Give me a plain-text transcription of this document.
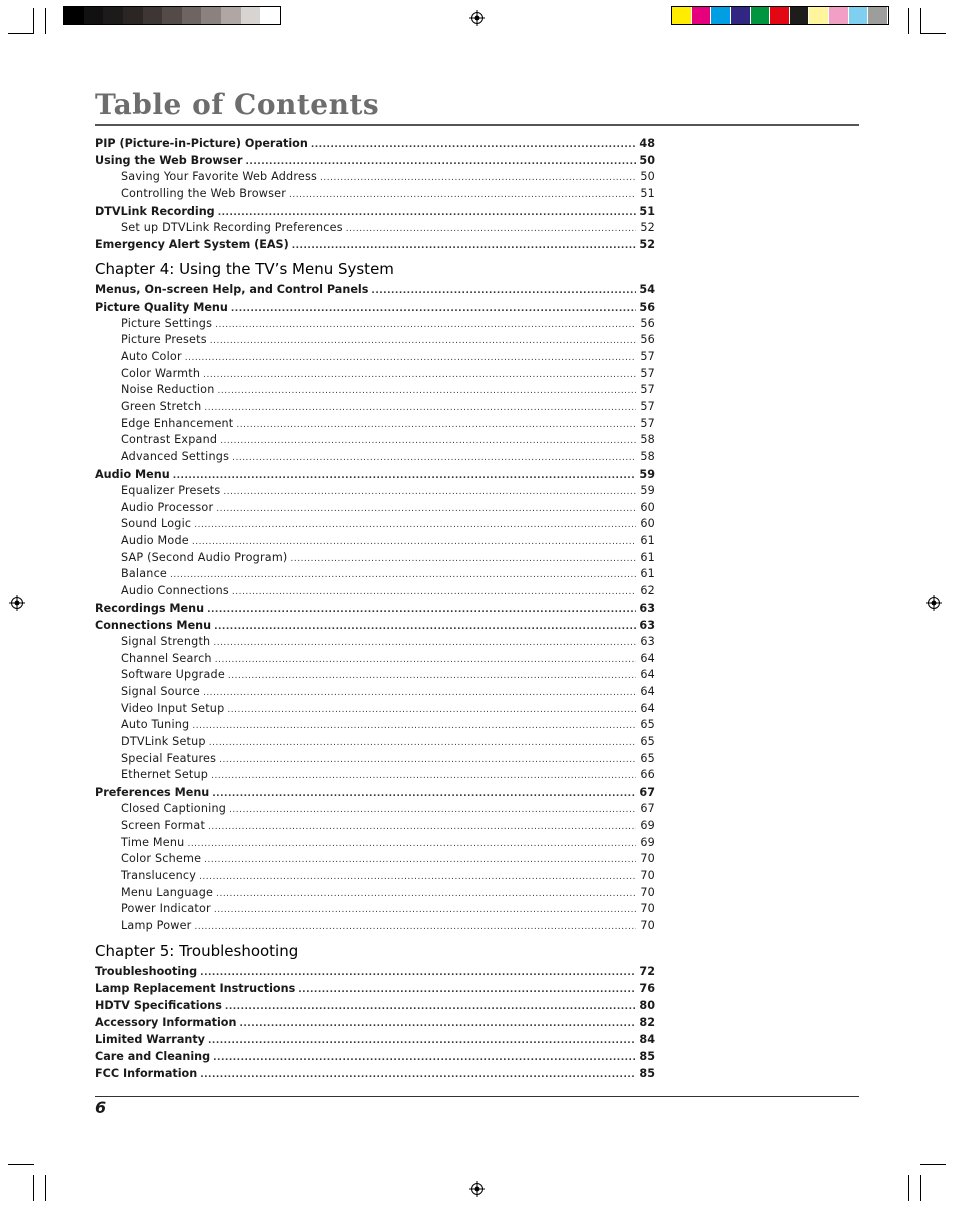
Table of Contents
PIP (Picture-in-Picture) Operation .....	48
Using the Web Browser .....	50
Saving Your Favorite Web Address .....	50
Controlling the Web Browser .....	51
DTVLink Recording .....	51
Set up DTVLink Recording Preferences .....	52
Emergency Alert System (EAS) .....	52
Chapter 4: Using the TV’s Menu System
Menus, On-screen Help, and Control Panels .....	54
Picture Quality Menu .....	56
Picture Settings .....	56
Picture Presets .....	56
Auto Color .....	57
Color Warmth .....	57
Noise Reduction .....	57
Green Stretch .....	57
Edge Enhancement .....	57
Contrast Expand .....	58
Advanced Settings .....	58
Audio Menu .....	59
Equalizer Presets .....	59
Audio Processor .....	60
Sound Logic .....	60
Audio Mode .....	61
SAP (Second Audio Program) .....	61
Balance .....	61
Audio Connections .....	62
Recordings Menu .....	63
Connections Menu .....	63
Signal Strength .....	63
Channel Search .....	64
Software Upgrade .....	64
Signal Source .....	64
Video Input Setup .....	64
Auto Tuning .....	65
DTVLink Setup .....	65
Special Features .....	65
Ethernet Setup .....	66
Preferences Menu .....	67
Closed Captioning .....	67
Screen Format .....	69
Time Menu .....	69
Color Scheme .....	70
Translucency .....	70
Menu Language .....	70
Power Indicator .....	70
Lamp Power .....	70
Chapter 5: Troubleshooting
Troubleshooting .....	72
Lamp Replacement Instructions .....	76
HDTV Specifications .....	80
Accessory Information .....	82
Limited Warranty .....	84
Care and Cleaning .....	85
FCC Information .....	85
6
